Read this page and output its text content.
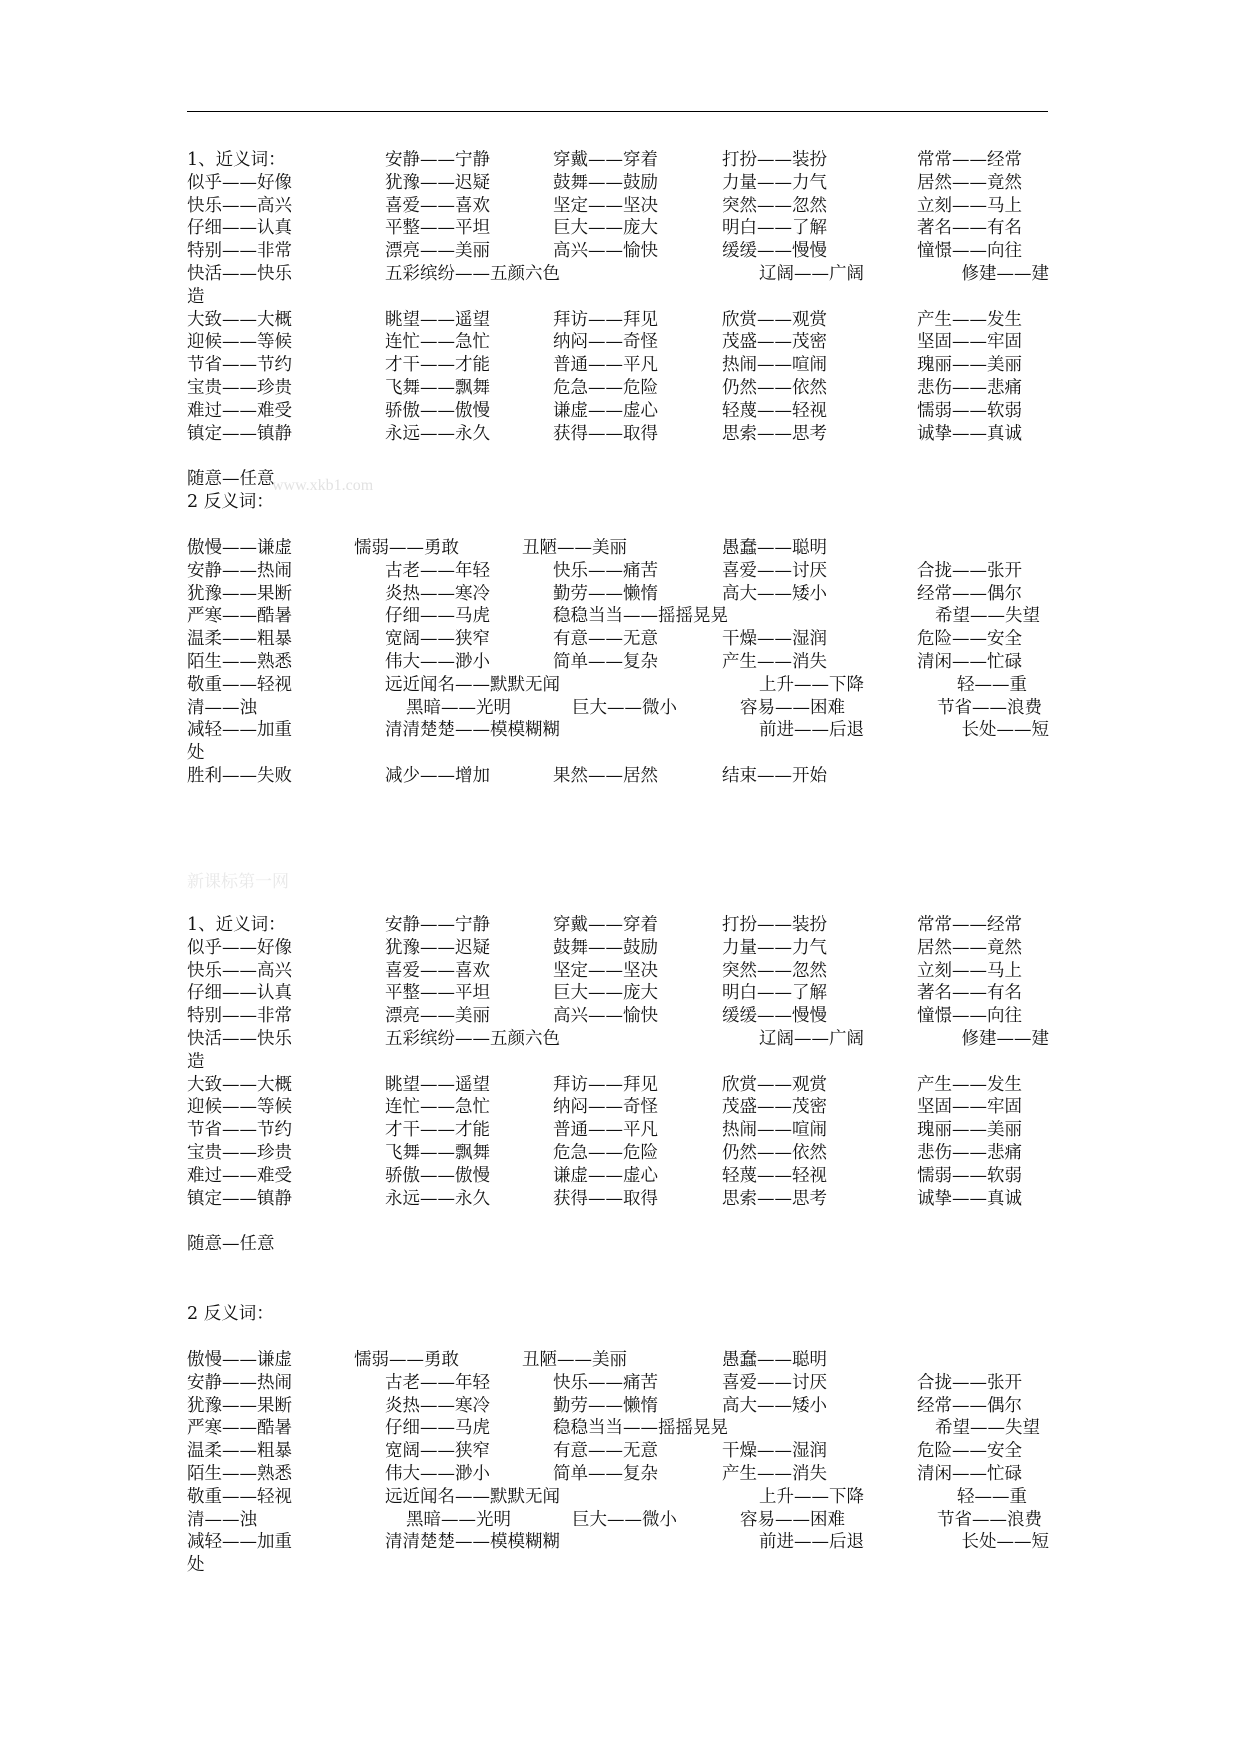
www.xkb1.com
新课标第一网
1、近义词：	安静——宁静	穿戴——穿着	打扮——装扮	常常——经常
似乎——好像	犹豫——迟疑	鼓舞——鼓励	力量——力气	居然——竟然
快乐——高兴	喜爱——喜欢	坚定——坚决	突然——忽然	立刻——马上
仔细——认真	平整——平坦	巨大——庞大	明白——了解	著名——有名
特别——非常	漂亮——美丽	高兴——愉快	缓缓——慢慢	憧憬——向往
快活——快乐	五彩缤纷——五颜六色	辽阔——广阔	修建——建
造
大致——大概	眺望——遥望	拜访——拜见	欣赏——观赏	产生——发生
迎候——等候	连忙——急忙	纳闷——奇怪	茂盛——茂密	坚固——牢固
节省——节约	才干——才能	普通——平凡	热闹——喧闹	瑰丽——美丽
宝贵——珍贵	飞舞——飘舞	危急——危险	仍然——依然	悲伤——悲痛
难过——难受	骄傲——傲慢	谦虚——虚心	轻蔑——轻视	懦弱——软弱
镇定——镇静	永远——永久	获得——取得	思索——思考	诚挚——真诚
随意—任意
2 反义词：
傲慢——谦虚	懦弱——勇敢	丑陋——美丽	愚蠢——聪明
安静——热闹	古老——年轻	快乐——痛苦	喜爱——讨厌	合拢——张开
犹豫——果断	炎热——寒冷	勤劳——懒惰	高大——矮小	经常——偶尔
严寒——酷暑	仔细——马虎	稳稳当当——摇摇晃晃	希望——失望
温柔——粗暴	宽阔——狭窄	有意——无意	干燥——湿润	危险——安全
陌生——熟悉	伟大——渺小	简单——复杂	产生——消失	清闲——忙碌
敬重——轻视	远近闻名——默默无闻	上升——下降	轻——重
清——浊	黑暗——光明	巨大——微小	容易——困难	节省——浪费
减轻——加重	清清楚楚——模模糊糊	前进——后退	长处——短
处
胜利——失败	减少——增加	果然——居然	结束——开始
1、近义词：	安静——宁静	穿戴——穿着	打扮——装扮	常常——经常
似乎——好像	犹豫——迟疑	鼓舞——鼓励	力量——力气	居然——竟然
快乐——高兴	喜爱——喜欢	坚定——坚决	突然——忽然	立刻——马上
仔细——认真	平整——平坦	巨大——庞大	明白——了解	著名——有名
特别——非常	漂亮——美丽	高兴——愉快	缓缓——慢慢	憧憬——向往
快活——快乐	五彩缤纷——五颜六色	辽阔——广阔	修建——建
造
大致——大概	眺望——遥望	拜访——拜见	欣赏——观赏	产生——发生
迎候——等候	连忙——急忙	纳闷——奇怪	茂盛——茂密	坚固——牢固
节省——节约	才干——才能	普通——平凡	热闹——喧闹	瑰丽——美丽
宝贵——珍贵	飞舞——飘舞	危急——危险	仍然——依然	悲伤——悲痛
难过——难受	骄傲——傲慢	谦虚——虚心	轻蔑——轻视	懦弱——软弱
镇定——镇静	永远——永久	获得——取得	思索——思考	诚挚——真诚
随意—任意
2 反义词：
傲慢——谦虚	懦弱——勇敢	丑陋——美丽	愚蠢——聪明
安静——热闹	古老——年轻	快乐——痛苦	喜爱——讨厌	合拢——张开
犹豫——果断	炎热——寒冷	勤劳——懒惰	高大——矮小	经常——偶尔
严寒——酷暑	仔细——马虎	稳稳当当——摇摇晃晃	希望——失望
温柔——粗暴	宽阔——狭窄	有意——无意	干燥——湿润	危险——安全
陌生——熟悉	伟大——渺小	简单——复杂	产生——消失	清闲——忙碌
敬重——轻视	远近闻名——默默无闻	上升——下降	轻——重
清——浊	黑暗——光明	巨大——微小	容易——困难	节省——浪费
减轻——加重	清清楚楚——模模糊糊	前进——后退	长处——短
处
